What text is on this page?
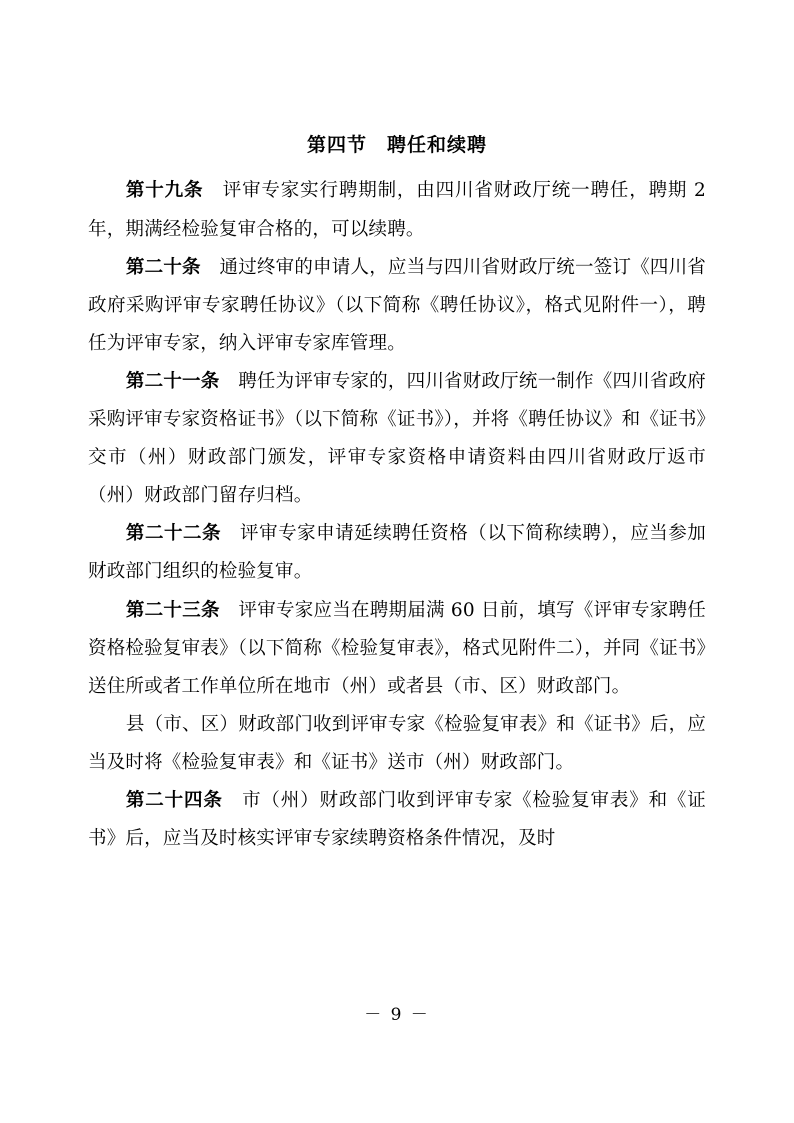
第四节　聘任和续聘

第十九条　评审专家实行聘期制，由四川省财政厅统一聘任，聘期 2 年，期满经检验复审合格的，可以续聘。

第二十条　通过终审的申请人，应当与四川省财政厅统一签订《四川省政府采购评审专家聘任协议》（以下简称《聘任协议》，格式见附件一），聘任为评审专家，纳入评审专家库管理。

第二十一条　聘任为评审专家的，四川省财政厅统一制作《四川省政府采购评审专家资格证书》（以下简称《证书》），并将《聘任协议》和《证书》交市（州）财政部门颁发，评审专家资格申请资料由四川省财政厅返市（州）财政部门留存归档。

第二十二条　评审专家申请延续聘任资格（以下简称续聘），应当参加财政部门组织的检验复审。

第二十三条　评审专家应当在聘期届满 60 日前，填写《评审专家聘任资格检验复审表》（以下简称《检验复审表》，格式见附件二），并同《证书》送住所或者工作单位所在地市（州）或者县（市、区）财政部门。

县（市、区）财政部门收到评审专家《检验复审表》和《证书》后，应当及时将《检验复审表》和《证书》送市（州）财政部门。

第二十四条　市（州）财政部门收到评审专家《检验复审表》和《证书》后，应当及时核实评审专家续聘资格条件情况，及时

－ 9 －
